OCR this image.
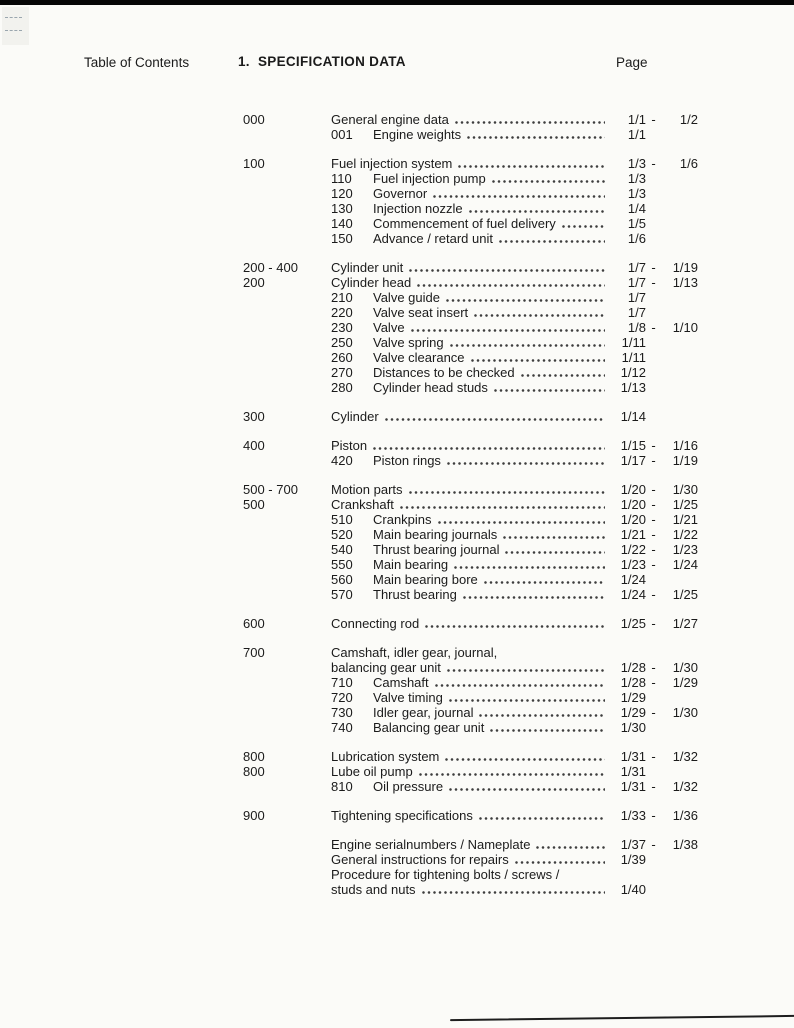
Table of Contents	1.  SPECIFICATION DATA	Page
000	General engine data	1/1 -	1/2
001	Engine weights	1/1
100	Fuel injection system	1/3 -	1/6
110	Fuel injection pump	1/3
120	Governor	1/3
130	Injection nozzle	1/4
140	Commencement of fuel delivery	1/5
150	Advance / retard unit	1/6
200 - 400	Cylinder unit	1/7 -	1/19
200	Cylinder head	1/7 -	1/13
210	Valve guide	1/7
220	Valve seat insert	1/7
230	Valve	1/8 -	1/10
250	Valve spring	1/11
260	Valve clearance	1/11
270	Distances to be checked	1/12
280	Cylinder head studs	1/13
300	Cylinder	1/14
400	Piston	1/15 -	1/16
420	Piston rings	1/17 -	1/19
500 - 700	Motion parts	1/20 -	1/30
500	Crankshaft	1/20 -	1/25
510	Crankpins	1/20 -	1/21
520	Main bearing journals	1/21 -	1/22
540	Thrust bearing journal	1/22 -	1/23
550	Main bearing	1/23 -	1/24
560	Main bearing bore	1/24
570	Thrust bearing	1/24 -	1/25
600	Connecting rod	1/25 -	1/27
700	Camshaft, idler gear, journal,
balancing gear unit	1/28 -	1/30
710	Camshaft	1/28 -	1/29
720	Valve timing	1/29
730	Idler gear, journal	1/29 -	1/30
740	Balancing gear unit	1/30
800	Lubrication system	1/31 -	1/32
800	Lube oil pump	1/31
810	Oil pressure	1/31 -	1/32
900	Tightening specifications	1/33 -	1/36
Engine serialnumbers / Nameplate	1/37 -	1/38
General instructions for repairs	1/39
Procedure for tightening bolts / screws /
studs and nuts	1/40
